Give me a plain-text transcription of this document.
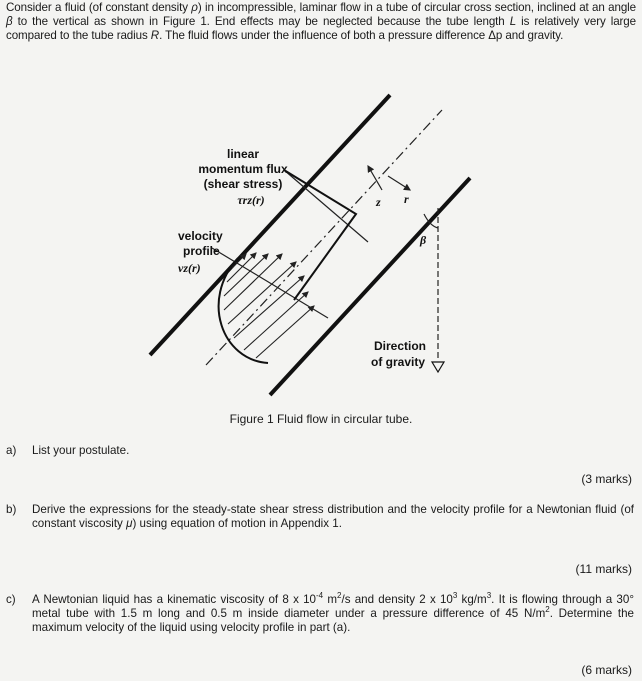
Consider a fluid (of constant density ρ) in incompressible, laminar flow in a tube of circular cross section, inclined at an angle β to the vertical as shown in Figure 1. End effects may be neglected because the tube length L is relatively very large compared to the tube radius R. The fluid flows under the influence of both a pressure difference Δp and gravity.
linear
momentum flux
(shear stress)
τrz(r)
velocity
profile
vz(r)
z r
β
Direction
of gravity
Figure 1 Fluid flow in circular tube.
a) List your postulate.
(3 marks)
b) Derive the expressions for the steady-state shear stress distribution and the velocity profile for a Newtonian fluid (of constant viscosity μ) using equation of motion in Appendix 1.
(11 marks)
c) A Newtonian liquid has a kinematic viscosity of 8 x $10^{-4}$ $m^2/s$ and density 2 x $10^3$ $kg/m^3$. It is flowing through a 30° metal tube with 1.5 m long and 0.5 m inside diameter under a pressure difference of 45 $N/m^2$. Determine the maximum velocity of the liquid using velocity profile in part (a).
(6 marks)
